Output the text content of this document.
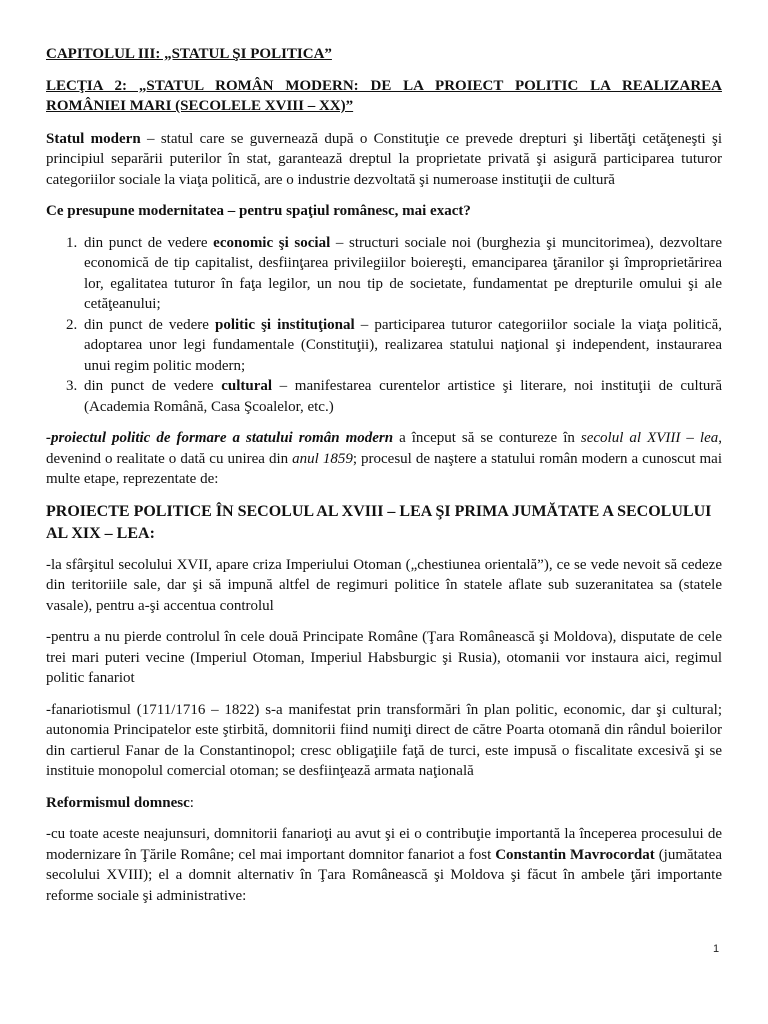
CAPITOLUL III: „STATUL ŞI POLITICA”

LECŢIA 2: „STATUL ROMÂN MODERN: DE LA PROIECT POLITIC LA REALIZAREA ROMÂNIEI MARI (SECOLELE XVIII – XX)”

Statul modern – statul care se guvernează după o Constituţie ce prevede drepturi şi libertăţi cetăţeneşti şi principiul separării puterilor în stat, garantează dreptul la proprietate privată şi asigură participarea tuturor categoriilor sociale la viaţa politică, are o industrie dezvoltată şi numeroase instituţii de cultură

Ce presupune modernitatea – pentru spaţiul românesc, mai exact?

1. din punct de vedere economic şi social – structuri sociale noi (burghezia şi muncitorimea), dezvoltare economică de tip capitalist, desfiinţarea privilegiilor boiereşti, emanciparea ţăranilor şi împroprietărirea lor, egalitatea tuturor în faţa legilor, un nou tip de societate, fundamentat pe drepturile omului şi ale cetăţeanului;
2. din punct de vedere politic şi instituţional – participarea tuturor categoriilor sociale la viaţa politică, adoptarea unor legi fundamentale (Constituţii), realizarea statului naţional şi independent, instaurarea unui regim politic modern;
3. din punct de vedere cultural – manifestarea curentelor artistice şi literare, noi instituţii de cultură (Academia Română, Casa Şcoalelor, etc.)

-proiectul politic de formare a statului român modern a început să se contureze în secolul al XVIII – lea, devenind o realitate o dată cu unirea din anul 1859; procesul de naştere a statului român modern a cunoscut mai multe etape, reprezentate de:

PROIECTE POLITICE ÎN SECOLUL AL XVIII – LEA ŞI PRIMA JUMĂTATE A SECOLULUI AL XIX – LEA:

-la sfârşitul secolului XVII, apare criza Imperiului Otoman („chestiunea orientală”), ce se vede nevoit să cedeze din teritoriile sale, dar şi să impună altfel de regimuri politice în statele aflate sub suzeranitatea sa (statele vasale), pentru a-şi accentua controlul

-pentru a nu pierde controlul în cele două Principate Române (Ţara Românească şi Moldova), disputate de cele trei mari puteri vecine (Imperiul Otoman, Imperiul Habsburgic şi Rusia), otomanii vor instaura aici, regimul politic fanariot

-fanariotismul (1711/1716 – 1822) s-a manifestat prin transformări în plan politic, economic, dar şi cultural; autonomia Principatelor este ştirbită, domnitorii fiind numiţi direct de către Poarta otomană din rândul boierilor din cartierul Fanar de la Constantinopol; cresc obligaţiile faţă de turci, este impusă o fiscalitate excesivă şi se instituie monopolul comercial otoman; se desfiinţează armata naţională

Reformismul domnesc:

-cu toate aceste neajunsuri, domnitorii fanarioţi au avut şi ei o contribuţie importantă la începerea procesului de modernizare în Ţările Române; cel mai important domnitor fanariot a fost Constantin Mavrocordat (jumătatea secolului XVIII); el a domnit alternativ în Ţara Românească şi Moldova şi făcut în ambele ţări importante reforme sociale şi administrative:

1
